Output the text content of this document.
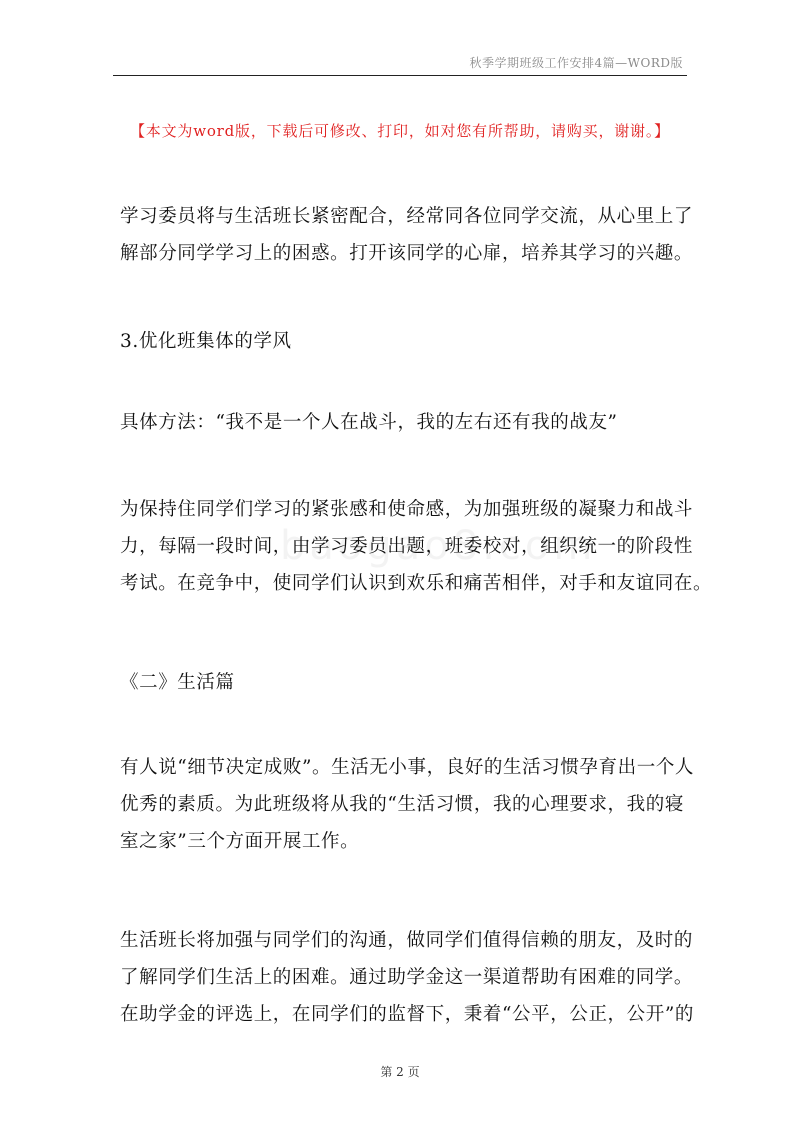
秋季学期班级工作安排4篇—WORD版
【本文为word版，下载后可修改、打印，如对您有所帮助，请购买，谢谢。】
学习委员将与生活班长紧密配合，经常同各位同学交流，从心里上了
解部分同学学习上的困惑。打开该同学的心扉，培养其学习的兴趣。
3.优化班集体的学风
具体方法：“我不是一个人在战斗，我的左右还有我的战友”
为保持住同学们学习的紧张感和使命感，为加强班级的凝聚力和战斗
力，每隔一段时间，由学习委员出题，班委校对，组织统一的阶段性
考试。在竞争中，使同学们认识到欢乐和痛苦相伴，对手和友谊同在。
《二》生活篇
有人说“细节决定成败”。生活无小事，良好的生活习惯孕育出一个人
优秀的素质。为此班级将从我的“生活习惯，我的心理要求，我的寝
室之家”三个方面开展工作。
生活班长将加强与同学们的沟通，做同学们值得信赖的朋友，及时的
了解同学们生活上的困难。通过助学金这一渠道帮助有困难的同学。
在助学金的评选上，在同学们的监督下，秉着“公平，公正，公开”的
第 2 页
